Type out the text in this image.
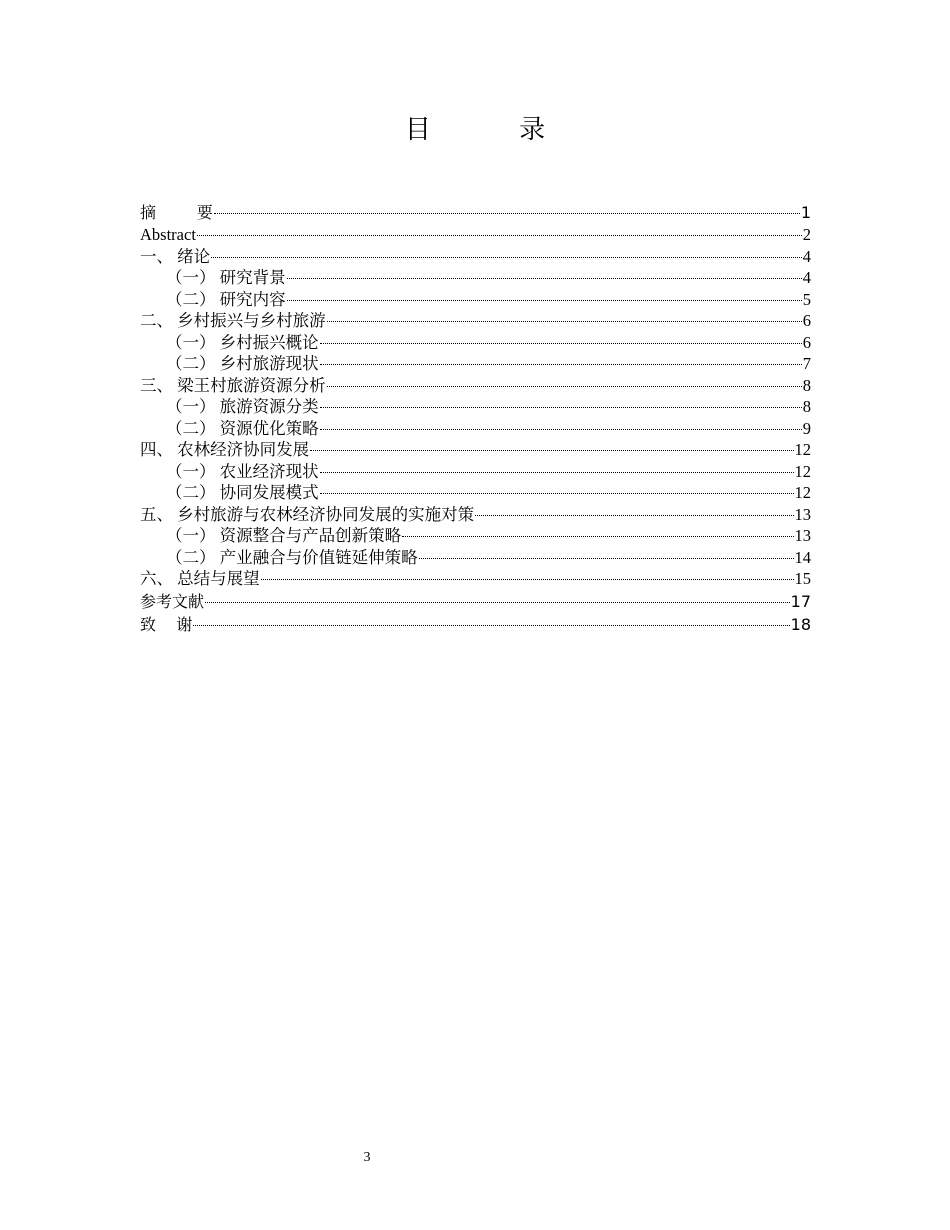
目 录
摘        要	1
Abstract	2
一、 绪论	4
（一） 研究背景	4
（二） 研究内容	5
二、 乡村振兴与乡村旅游	6
（一） 乡村振兴概论	6
（二） 乡村旅游现状	7
三、 梁王村旅游资源分析	8
（一） 旅游资源分类	8
（二） 资源优化策略	9
四、 农林经济协同发展	12
（一） 农业经济现状	12
（二） 协同发展模式	12
五、 乡村旅游与农林经济协同发展的实施对策	13
（一） 资源整合与产品创新策略	13
（二） 产业融合与价值链延伸策略	14
六、 总结与展望	15
参考文献	17
致    谢	18
3
